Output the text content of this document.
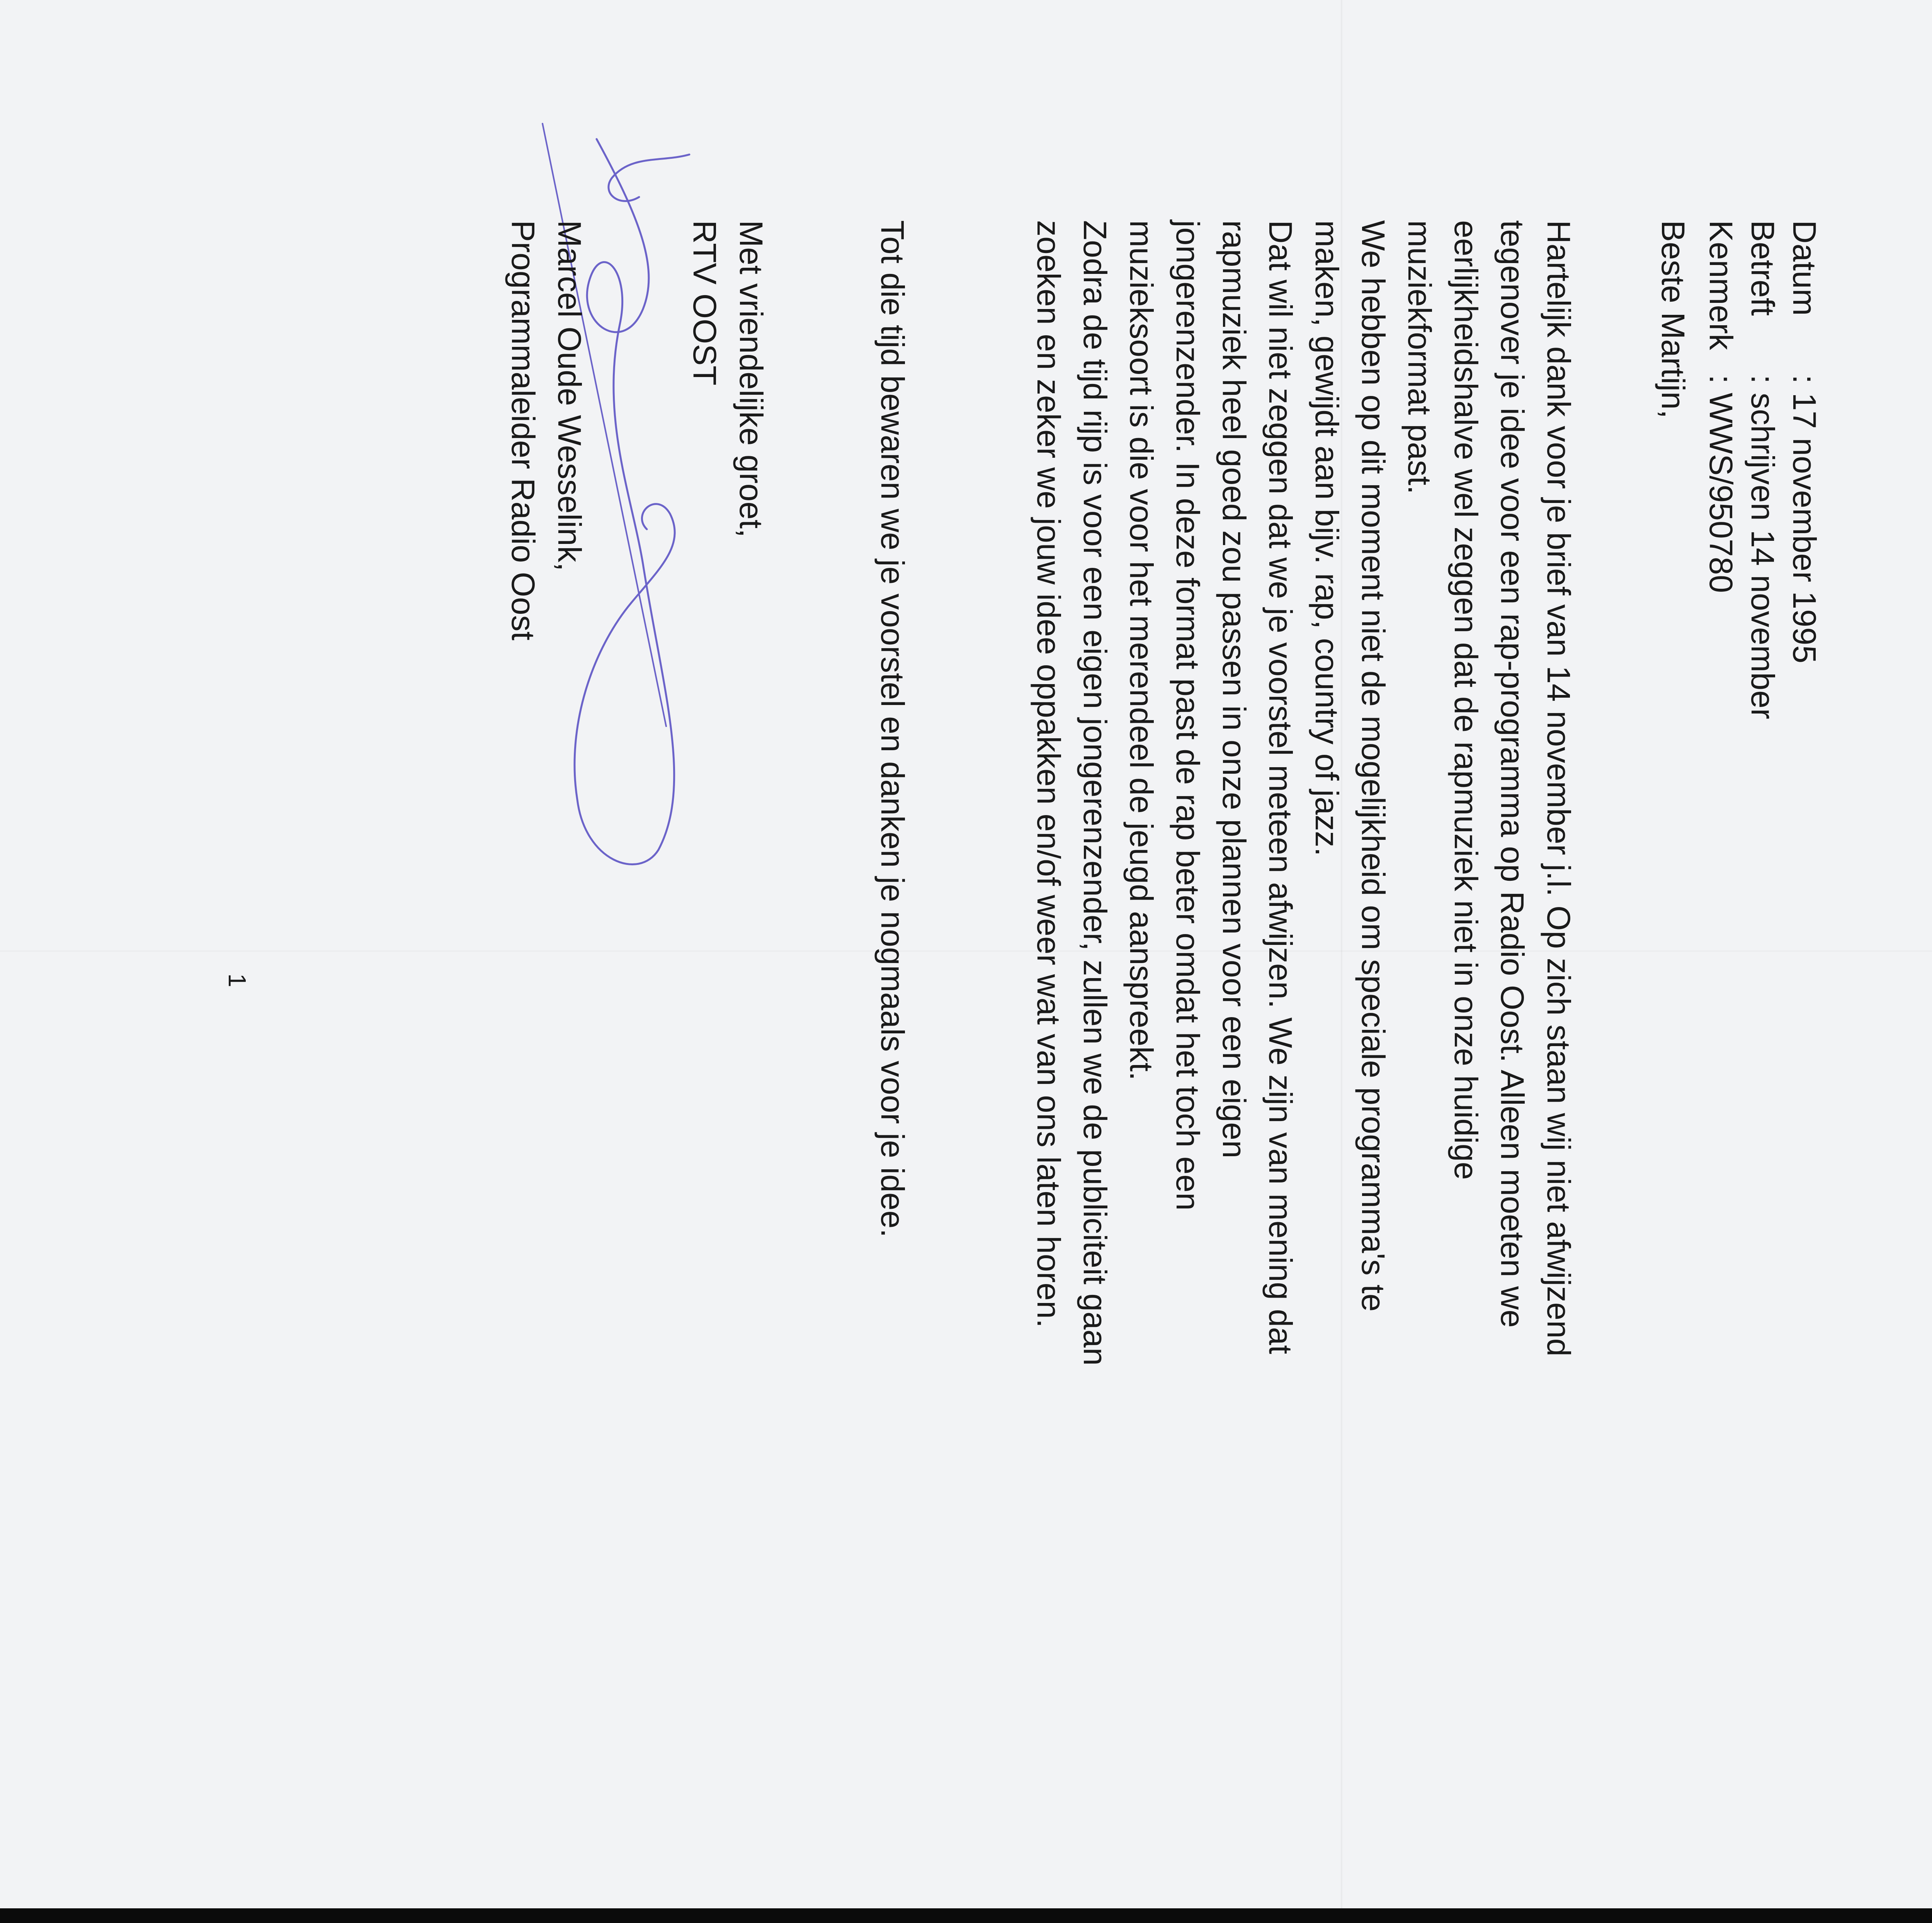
Datum
: 17 november 1995
Betreft
: schrijven 14 november
Kenmerk
: WWS/950780
Beste Martijn,
Hartelijk dank voor je brief van 14 november j.l. Op zich staan wij niet afwijzend
tegenover je idee voor een rap-programma op Radio Oost. Alleen moeten we
eerlijkheidshalve wel zeggen dat de rapmuziek niet in onze huidige
muziekformat past.
We hebben op dit moment niet de mogelijkheid om speciale programma's te
maken, gewijdt aan bijv. rap, country of jazz.
Dat wil niet zeggen dat we je voorstel meteen afwijzen. We zijn van mening dat
rapmuziek heel goed zou passen in onze plannen voor een eigen
jongerenzender. In deze format past de rap beter omdat het toch een
muzieksoort is die voor het merendeel de jeugd aanspreekt.
Zodra de tijd rijp is voor een eigen jongerenzender, zullen we de publiciteit gaan
zoeken en zeker we jouw idee oppakken en/of weer wat van ons laten horen.
Tot die tijd bewaren we je voorstel en danken je nogmaals voor je idee.
Met vriendelijke groet,
RTV OOST
Marcel Oude Wesselink,
Programmaleider Radio Oost
1
